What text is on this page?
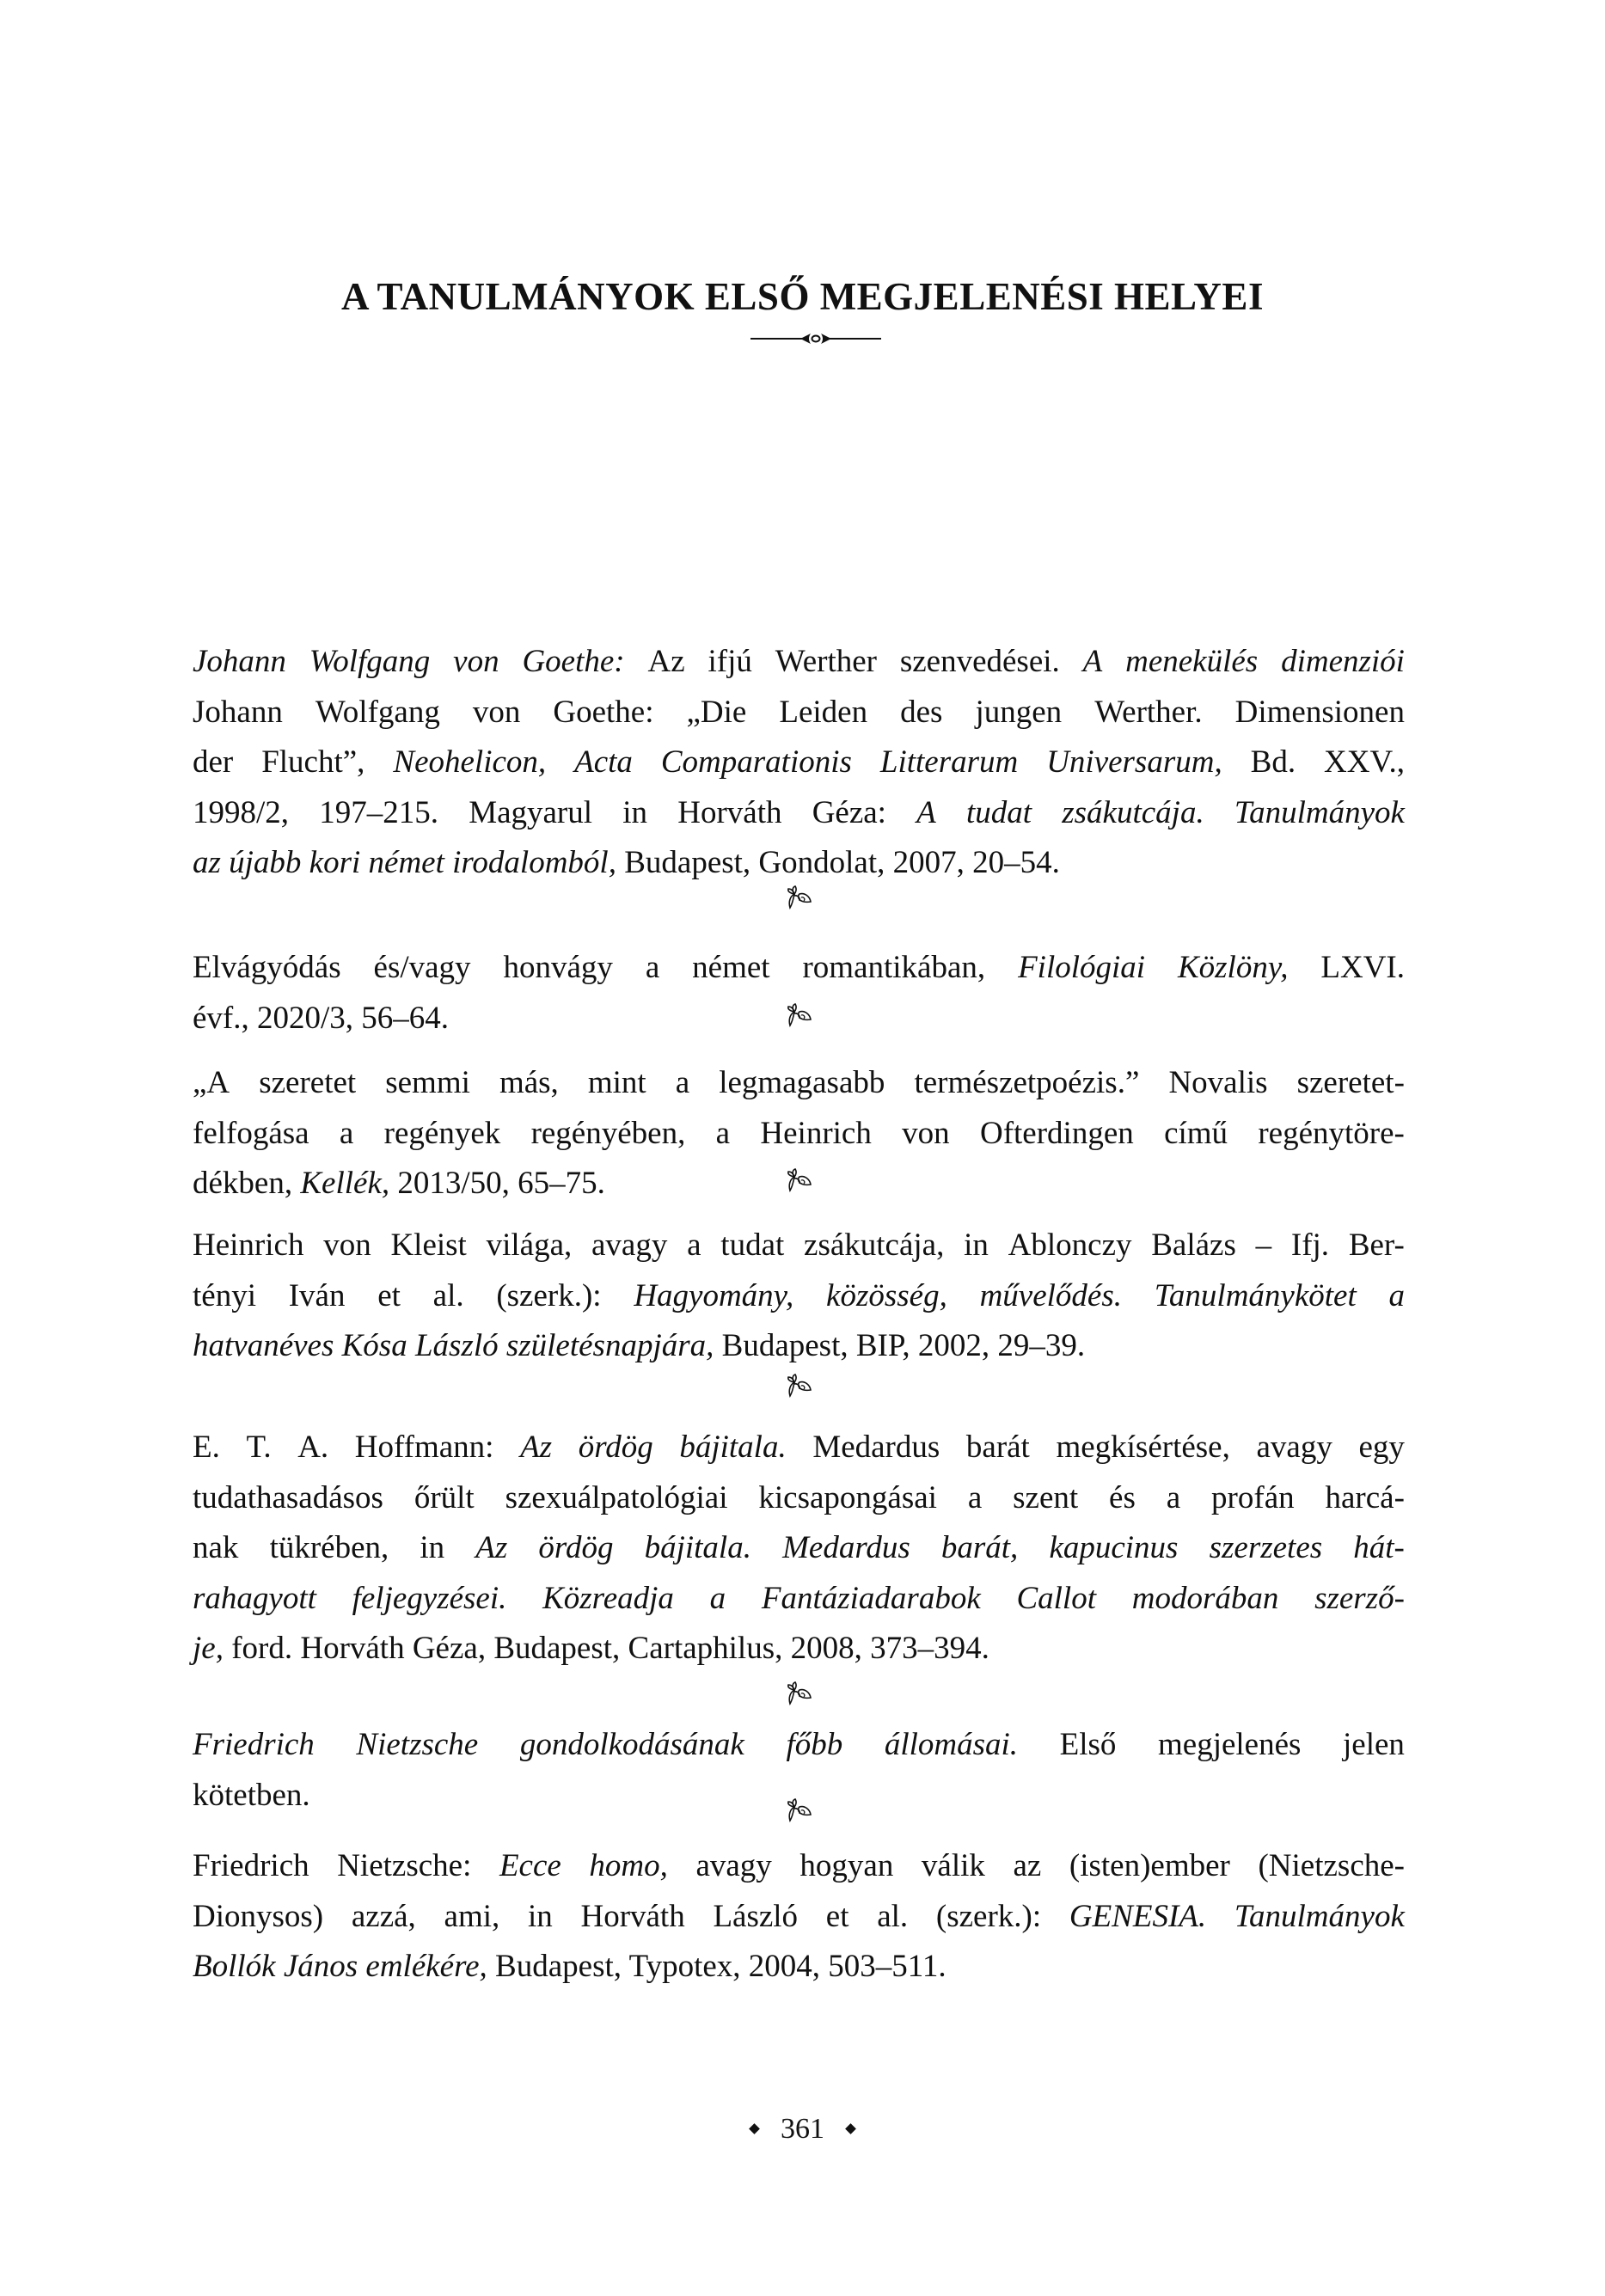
A TANULMÁNYOK ELSŐ MEGJELENÉSI HELYEI
Johann Wolfgang von Goethe: Az ifjú Werther szenvedései. A menekülés dimenziói
Johann Wolfgang von Goethe: „Die Leiden des jungen Werther. Dimensionen
der Flucht”, Neohelicon, Acta Comparationis Litterarum Universarum, Bd. XXV.,
1998/2, 197–215. Magyarul in Horváth Géza: A tudat zsákutcája. Tanulmányok
az újabb kori német irodalomból, Budapest, Gondolat, 2007, 20–54.
Elvágyódás és/vagy honvágy a német romantikában, Filológiai Közlöny, LXVI.
évf., 2020/3, 56–64.
„A szeretet semmi más, mint a legmagasabb természetpoézis.” Novalis szeretet-
felfogása a regények regényében, a Heinrich von Ofterdingen című regénytöre-
dékben, Kellék, 2013/50, 65–75.
Heinrich von Kleist világa, avagy a tudat zsákutcája, in Ablonczy Balázs – Ifj. Ber-
tényi Iván et al. (szerk.): Hagyomány, közösség, művelődés. Tanulmánykötet a
hatvanéves Kósa László születésnapjára, Budapest, BIP, 2002, 29–39.
E. T. A. Hoffmann: Az ördög bájitala. Medardus barát megkísértése, avagy egy
tudathasadásos őrült szexuálpatológiai kicsapongásai a szent és a profán harcá-
nak tükrében, in Az ördög bájitala. Medardus barát, kapucinus szerzetes hát-
rahagyott feljegyzései. Közreadja a Fantáziadarabok Callot modorában szerző-
je, ford. Horváth Géza, Budapest, Cartaphilus, 2008, 373–394.
Friedrich Nietzsche gondolkodásának főbb állomásai. Első megjelenés jelen
kötetben.
Friedrich Nietzsche: Ecce homo, avagy hogyan válik az (isten)ember (Nietzsche-
Dionysos) azzá, ami, in Horváth László et al. (szerk.): GENESIA. Tanulmányok
Bollók János emlékére, Budapest, Typotex, 2004, 503–511.
361
